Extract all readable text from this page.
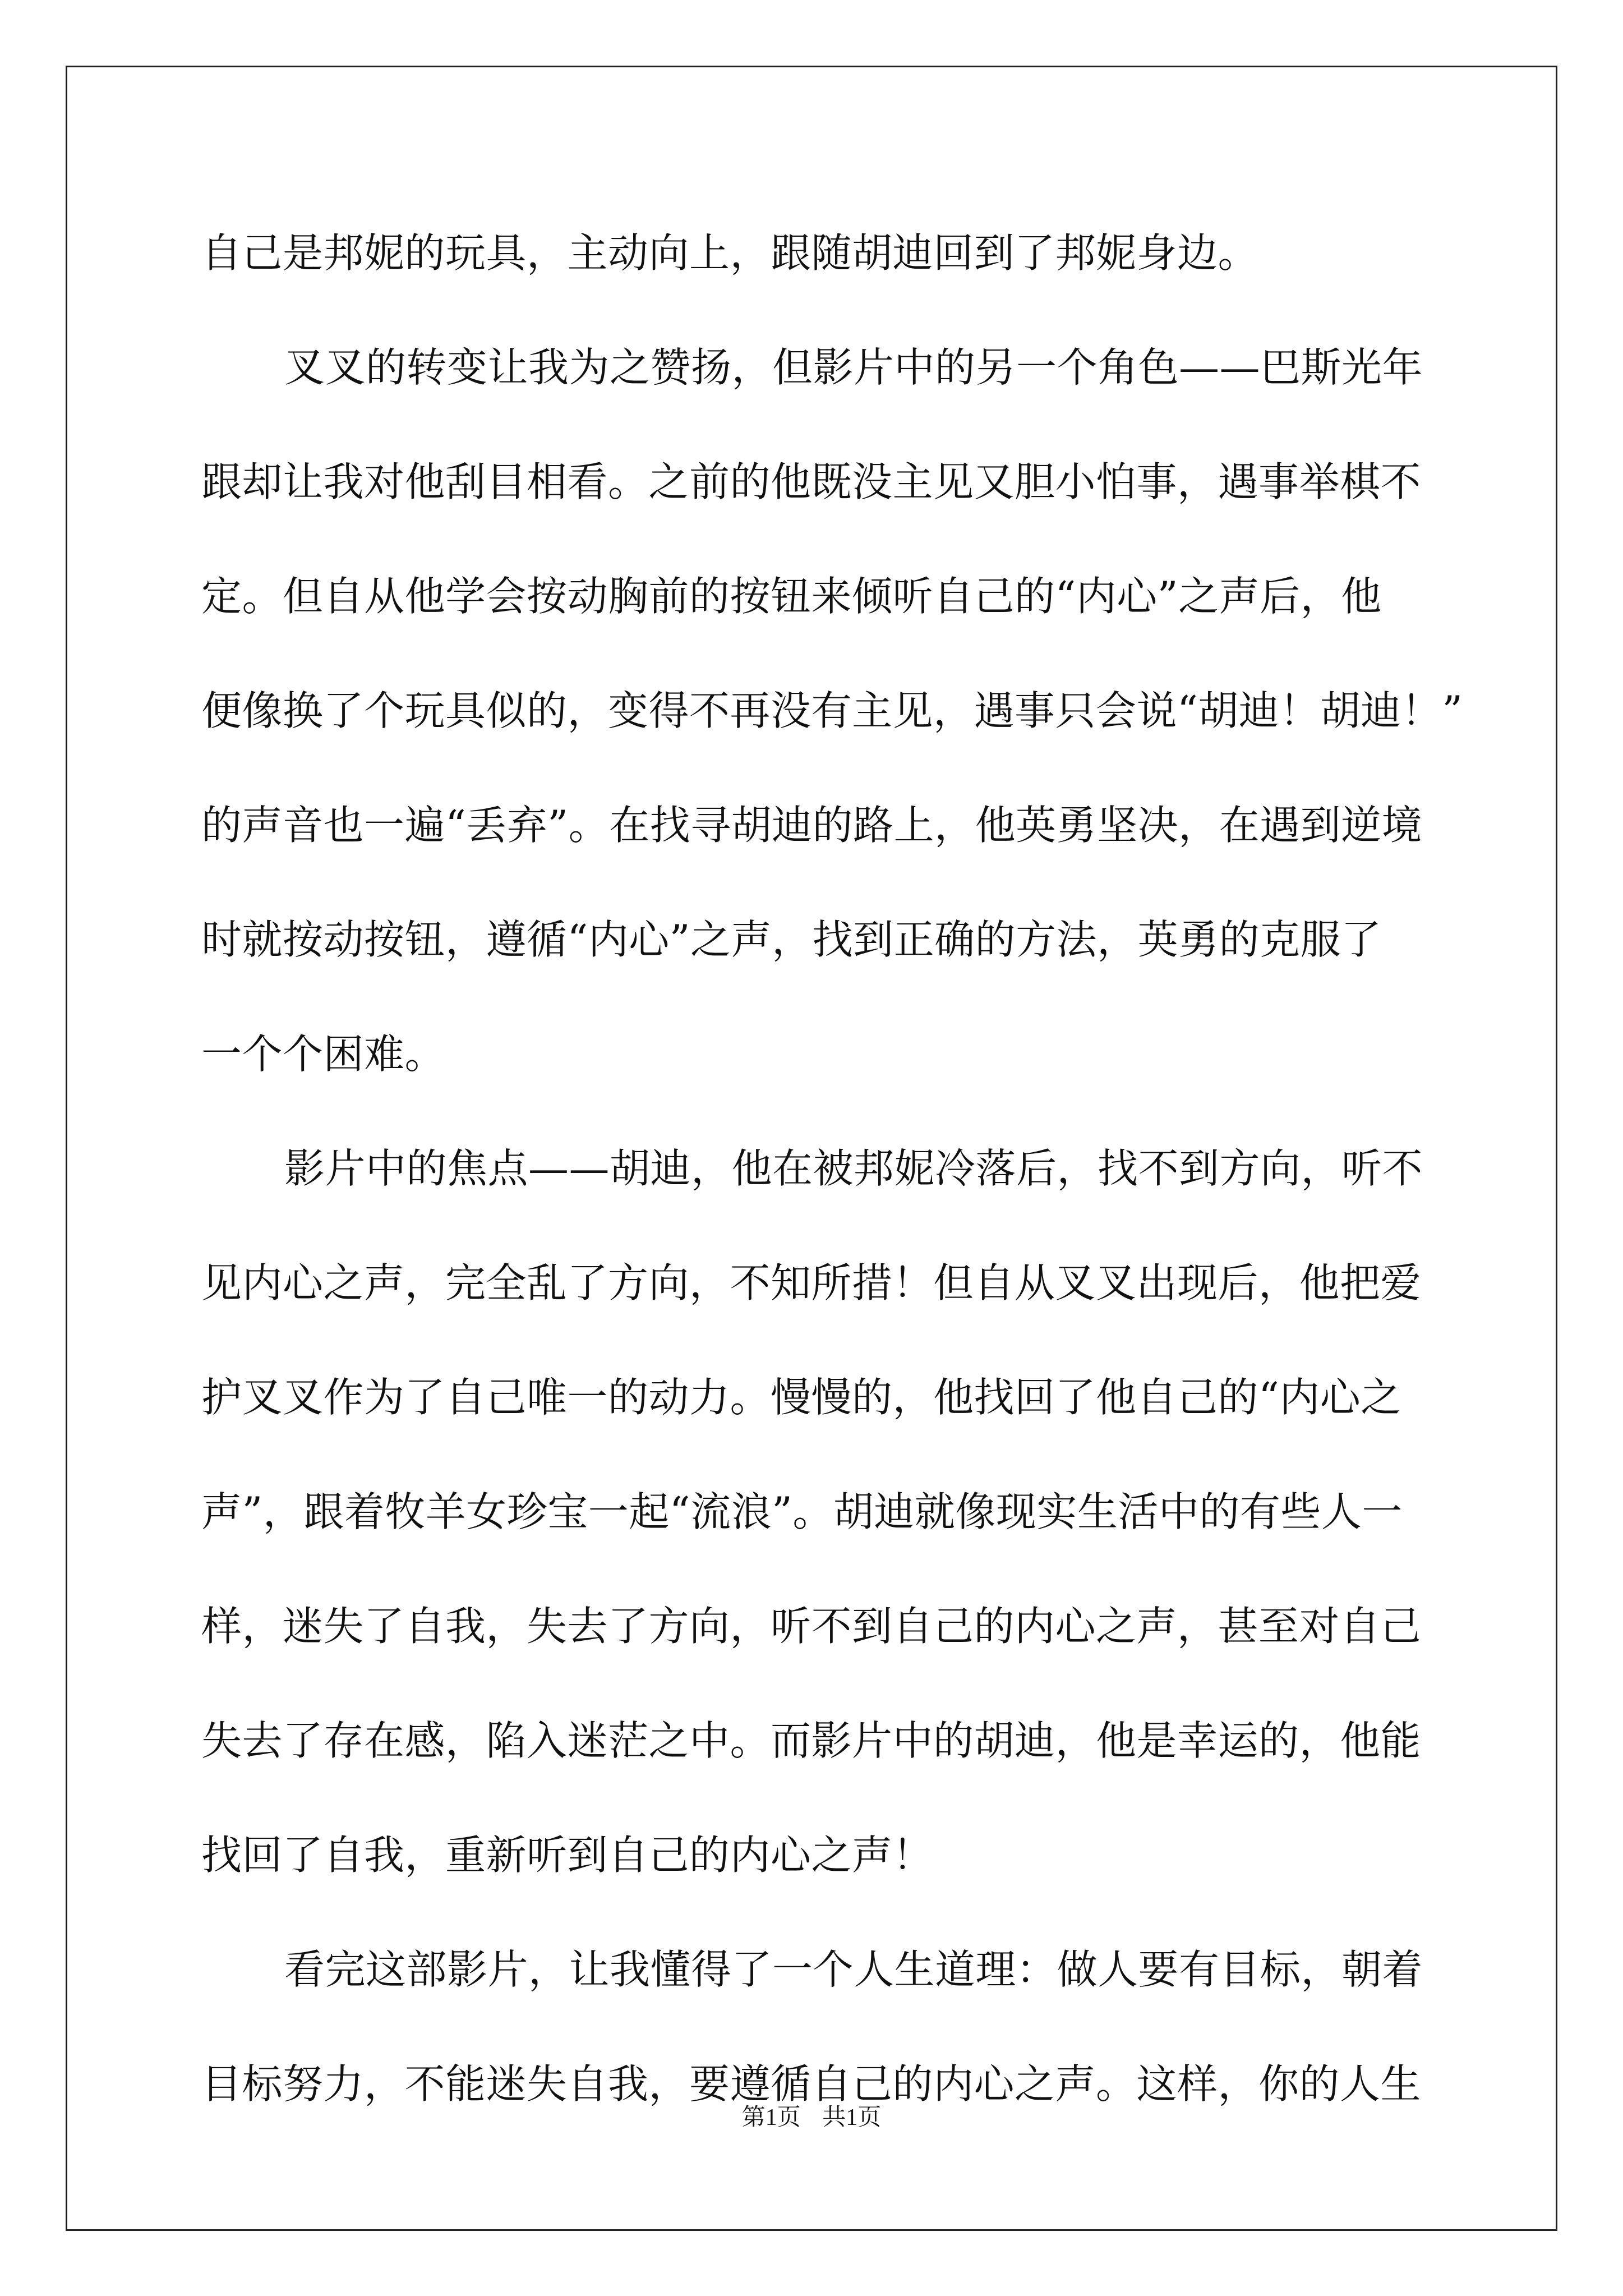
自己是邦妮的玩具，主动向上，跟随胡迪回到了邦妮身边。
叉叉的转变让我为之赞扬，但影片中的另一个角色——巴斯光年
跟却让我对他刮目相看。之前的他既没主见又胆小怕事，遇事举棋不
定。但自从他学会按动胸前的按钮来倾听自己的“内心”之声后，他
便像换了个玩具似的，变得不再没有主见，遇事只会说“胡迪！胡迪！”
的声音也一遍“丢弃”。在找寻胡迪的路上，他英勇坚决，在遇到逆境
时就按动按钮，遵循“内心”之声，找到正确的方法，英勇的克服了
一个个困难。
影片中的焦点——胡迪，他在被邦妮冷落后，找不到方向，听不
见内心之声，完全乱了方向，不知所措！但自从叉叉出现后，他把爱
护叉叉作为了自己唯一的动力。慢慢的，他找回了他自己的“内心之
声”，跟着牧羊女珍宝一起“流浪”。胡迪就像现实生活中的有些人一
样，迷失了自我，失去了方向，听不到自己的内心之声，甚至对自己
失去了存在感，陷入迷茫之中。而影片中的胡迪，他是幸运的，他能
找回了自我，重新听到自己的内心之声！
看完这部影片，让我懂得了一个人生道理：做人要有目标，朝着
目标努力，不能迷失自我，要遵循自己的内心之声。这样，你的人生
第1页 共1页
